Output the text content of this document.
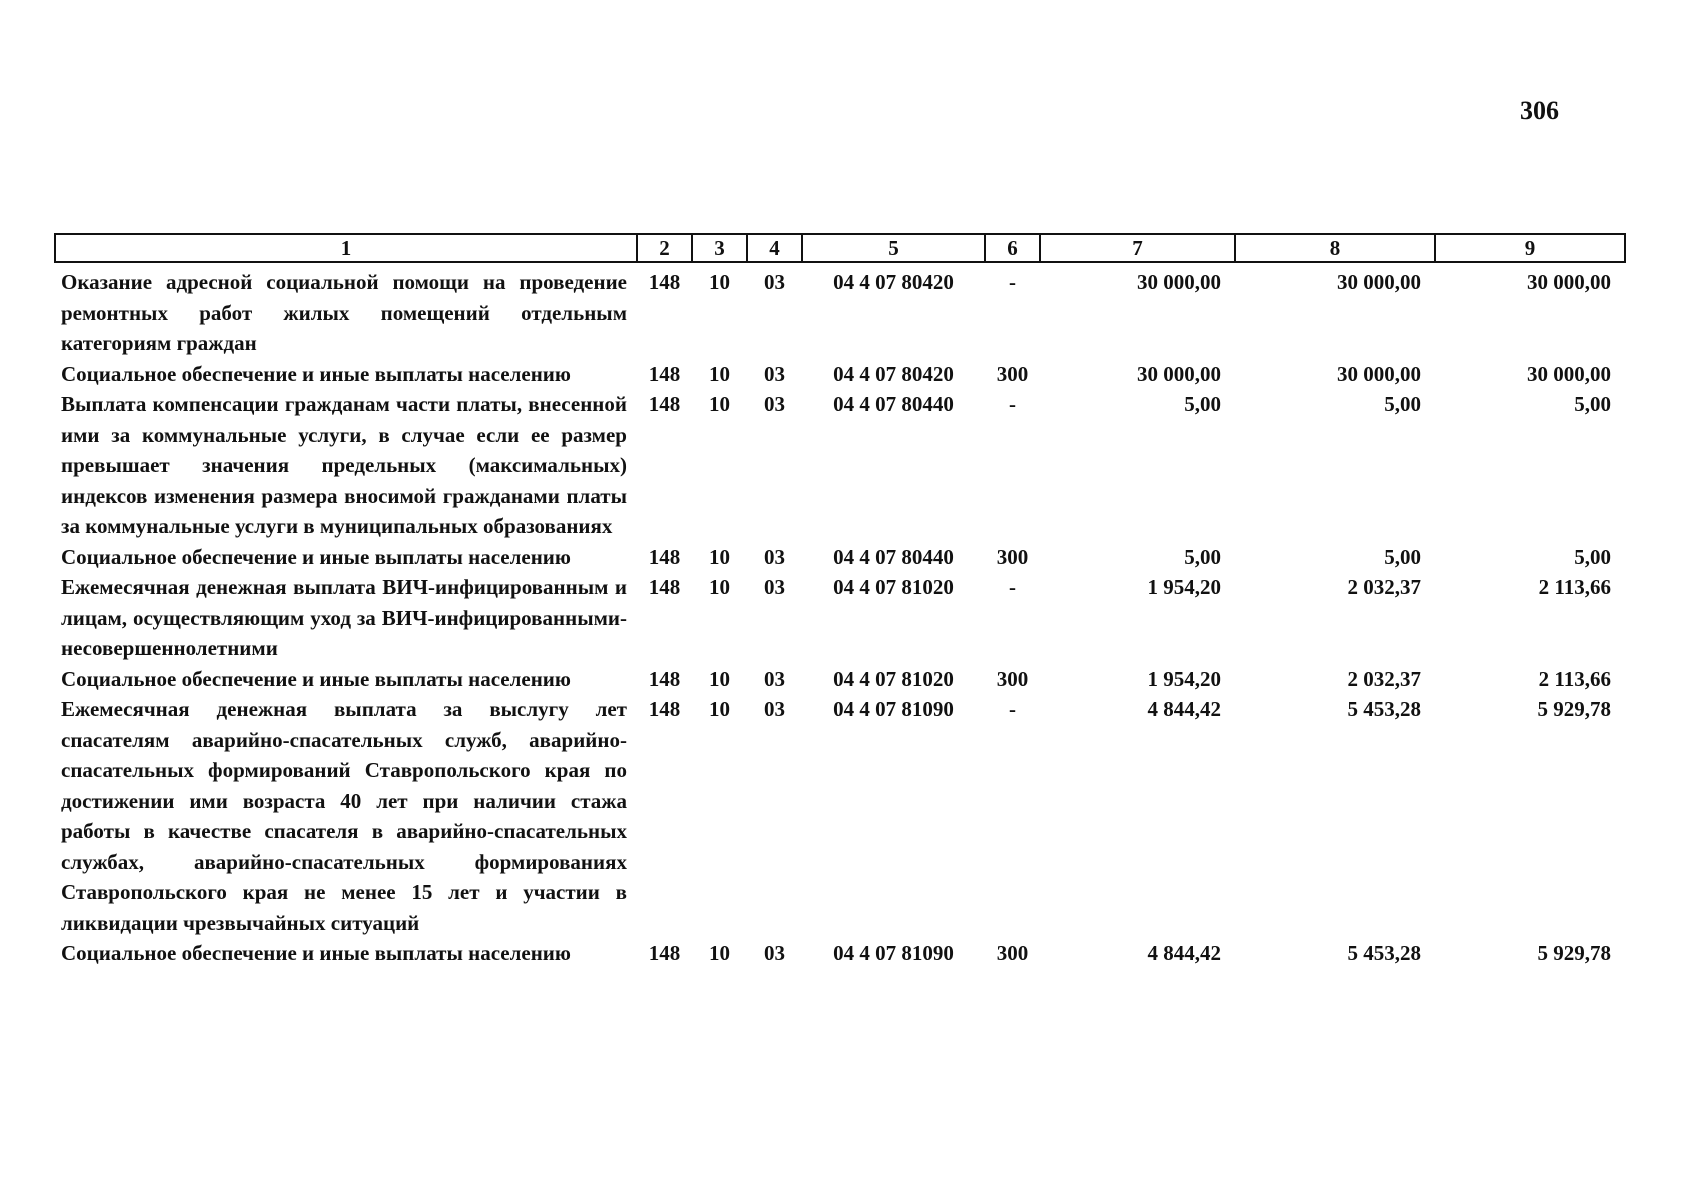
306
1	2	3	4	5	6	7	8	9
Оказание адресной социальной помощи на проведение ремонтных работ жилых помещений отдельным категориям граждан	148	10	03	04 4 07 80420	-	30 000,00	30 000,00	30 000,00
Социальное обеспечение и иные выплаты населению	148	10	03	04 4 07 80420	300	30 000,00	30 000,00	30 000,00
Выплата компенсации гражданам части платы, внесенной ими за коммунальные услуги, в случае если ее размер превышает значения предельных (максимальных) индексов изменения размера вносимой гражданами платы за коммунальные услуги в муниципальных образованиях	148	10	03	04 4 07 80440	-	5,00	5,00	5,00
Социальное обеспечение и иные выплаты населению	148	10	03	04 4 07 80440	300	5,00	5,00	5,00
Ежемесячная денежная выплата ВИЧ-инфицированным и лицам, осуществляющим уход за ВИЧ-инфицированными-несовершеннолетними	148	10	03	04 4 07 81020	-	1 954,20	2 032,37	2 113,66
Социальное обеспечение и иные выплаты населению	148	10	03	04 4 07 81020	300	1 954,20	2 032,37	2 113,66
Ежемесячная денежная выплата за выслугу лет спасателям аварийно-спасательных служб, аварийно-спасательных формирований Ставропольского края по достижении ими возраста 40 лет при наличии стажа работы в качестве спасателя в аварийно-спасательных службах, аварийно-спасательных формированиях Ставропольского края не менее 15 лет и участии в ликвидации чрезвычайных ситуаций	148	10	03	04 4 07 81090	-	4 844,42	5 453,28	5 929,78
Социальное обеспечение и иные выплаты населению	148	10	03	04 4 07 81090	300	4 844,42	5 453,28	5 929,78
